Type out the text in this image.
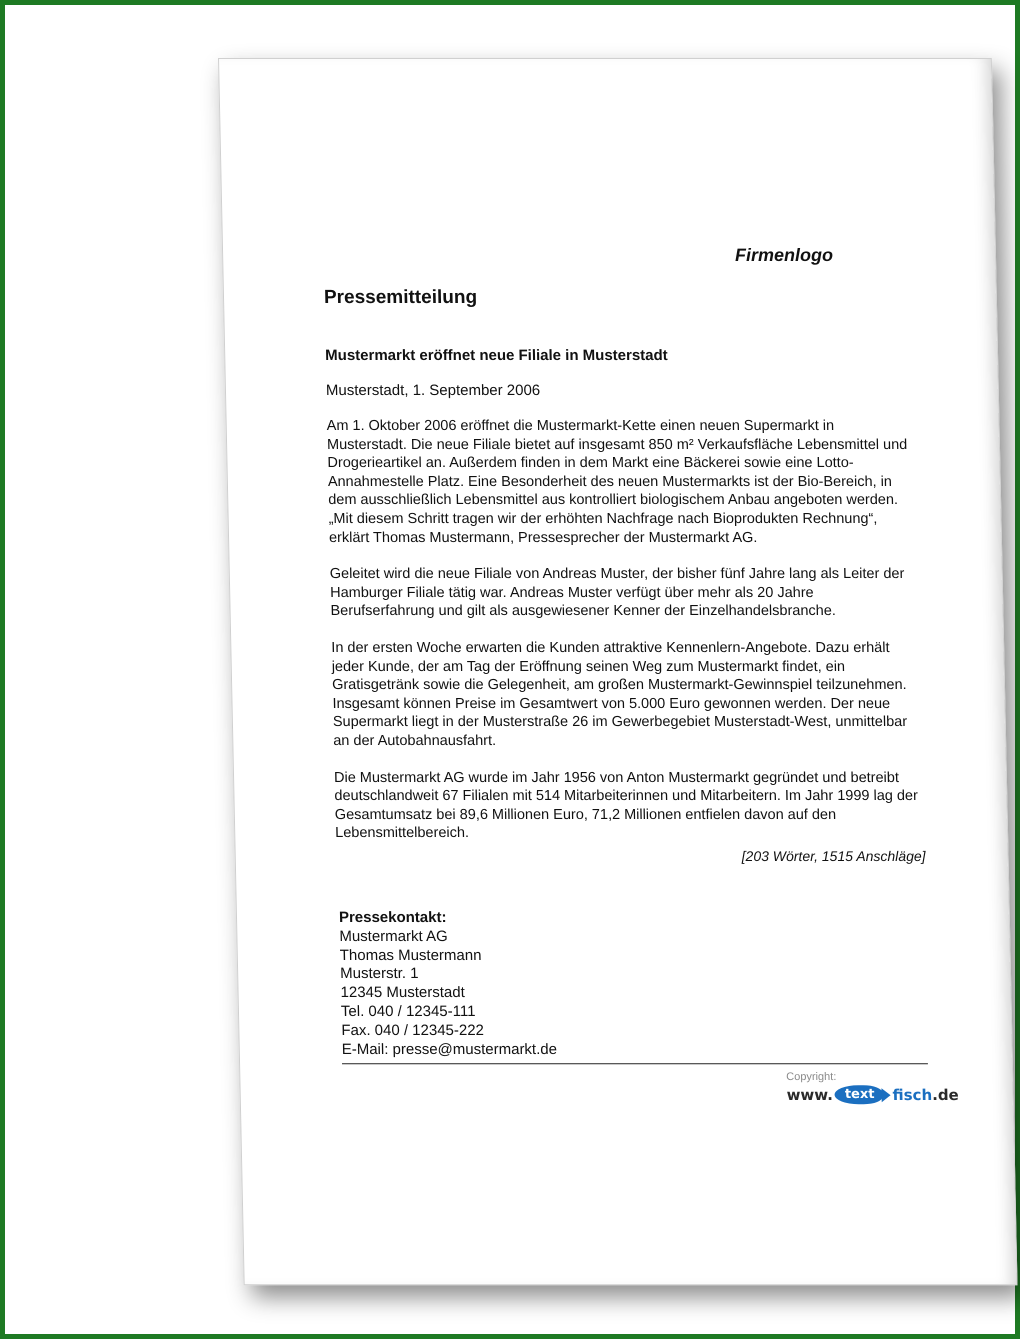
Firmenlogo
Pressemitteilung
Mustermarkt eröffnet neue Filiale in Musterstadt
Musterstadt, 1. September 2006

Am 1. Oktober 2006 eröffnet die Mustermarkt-Kette einen neuen Supermarkt in Musterstadt. Die neue Filiale bietet auf insgesamt 850 m² Verkaufsfläche Lebensmittel und Drogerieartikel an. Außerdem finden in dem Markt eine Bäckerei sowie eine Lotto-Annahmestelle Platz. Eine Besonderheit des neuen Mustermarkts ist der Bio-Bereich, in dem ausschließlich Lebensmittel aus kontrolliert biologischem Anbau angeboten werden. „Mit diesem Schritt tragen wir der erhöhten Nachfrage nach Bioprodukten Rechnung“, erklärt Thomas Mustermann, Pressesprecher der Mustermarkt AG.

Geleitet wird die neue Filiale von Andreas Muster, der bisher fünf Jahre lang als Leiter der Hamburger Filiale tätig war. Andreas Muster verfügt über mehr als 20 Jahre Berufserfahrung und gilt als ausgewiesener Kenner der Einzelhandelsbranche.

In der ersten Woche erwarten die Kunden attraktive Kennenlern-Angebote. Dazu erhält jeder Kunde, der am Tag der Eröffnung seinen Weg zum Mustermarkt findet, ein Gratisgetränk sowie die Gelegenheit, am großen Mustermarkt-Gewinnspiel teilzunehmen. Insgesamt können Preise im Gesamtwert von 5.000 Euro gewonnen werden. Der neue Supermarkt liegt in der Musterstraße 26 im Gewerbegebiet Musterstadt-West, unmittelbar an der Autobahnausfahrt.

Die Mustermarkt AG wurde im Jahr 1956 von Anton Mustermarkt gegründet und betreibt deutschlandweit 67 Filialen mit 514 Mitarbeiterinnen und Mitarbeitern. Im Jahr 1999 lag der Gesamtumsatz bei 89,6 Millionen Euro, 71,2 Millionen entfielen davon auf den Lebensmittelbereich.

[203 Wörter, 1515 Anschläge]
Pressekontakt:
Mustermarkt AG
Thomas Mustermann
Musterstr. 1
12345 Musterstadt
Tel. 040 / 12345-111
Fax. 040 / 12345-222
E-Mail: presse@mustermarkt.de
Copyright:
www. text	fisch .de
